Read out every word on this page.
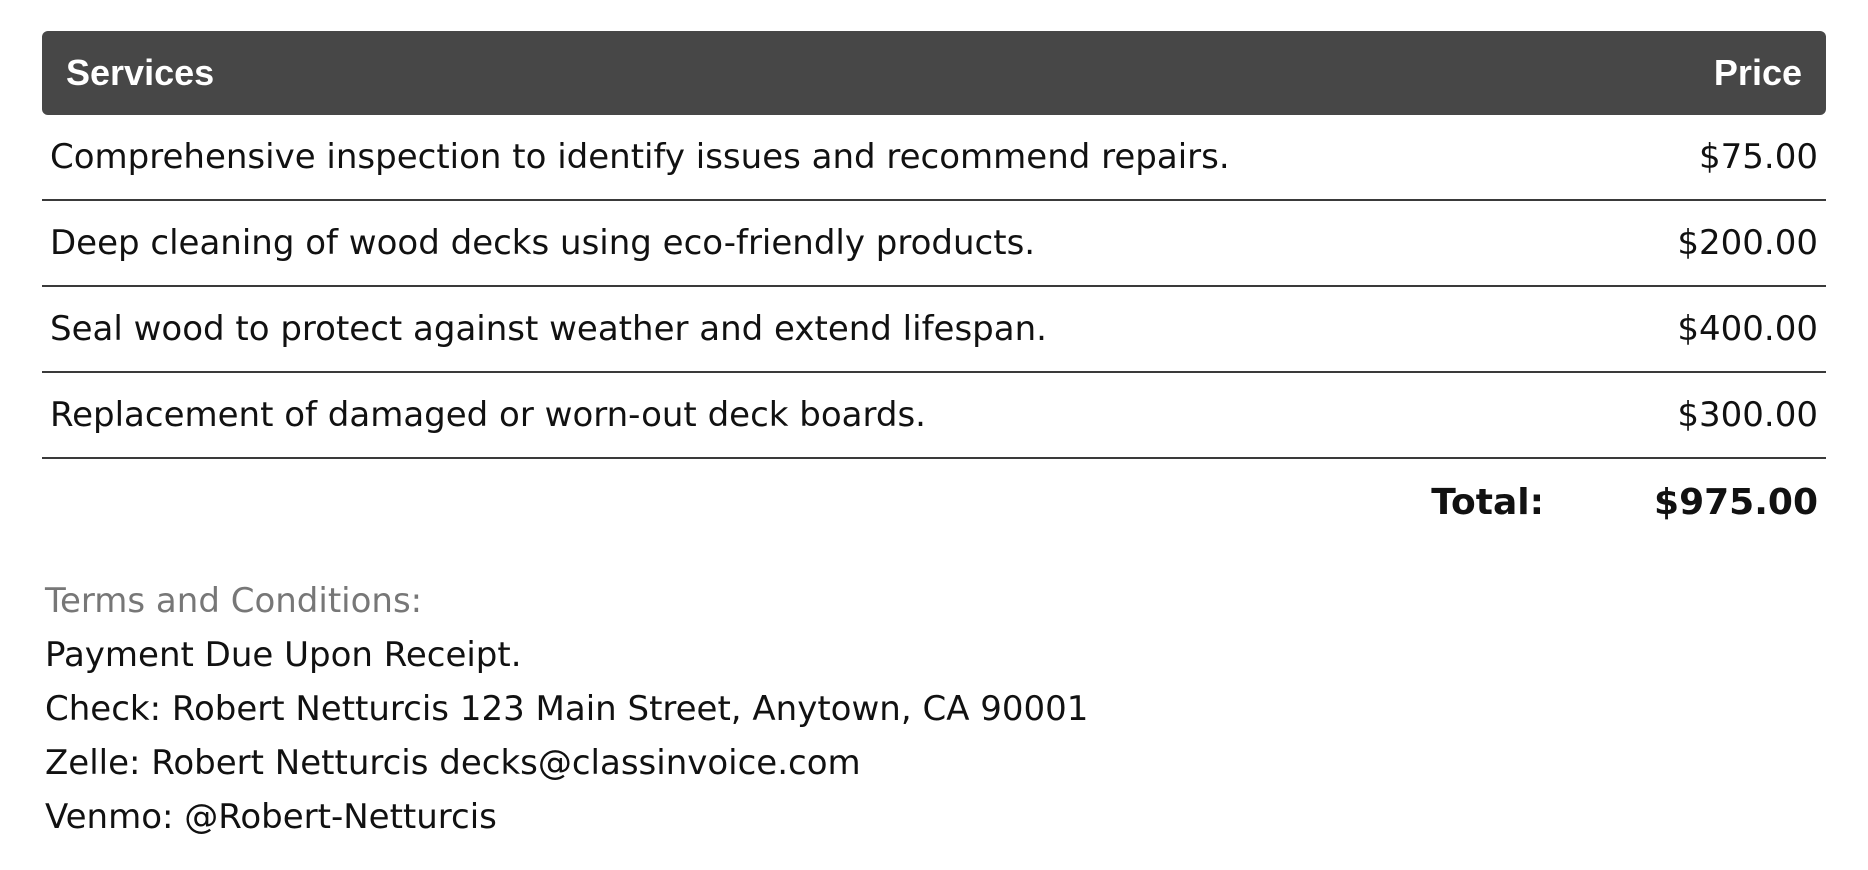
Services	Price
Comprehensive inspection to identify issues and recommend repairs.	$75.00
Deep cleaning of wood decks using eco-friendly products.	$200.00
Seal wood to protect against weather and extend lifespan.	$400.00
Replacement of damaged or worn-out deck boards.	$300.00
Total:	$975.00
Terms and Conditions:
Payment Due Upon Receipt.
Check: Robert Netturcis 123 Main Street, Anytown, CA 90001
Zelle: Robert Netturcis decks@classinvoice.com
Venmo: @Robert-Netturcis
